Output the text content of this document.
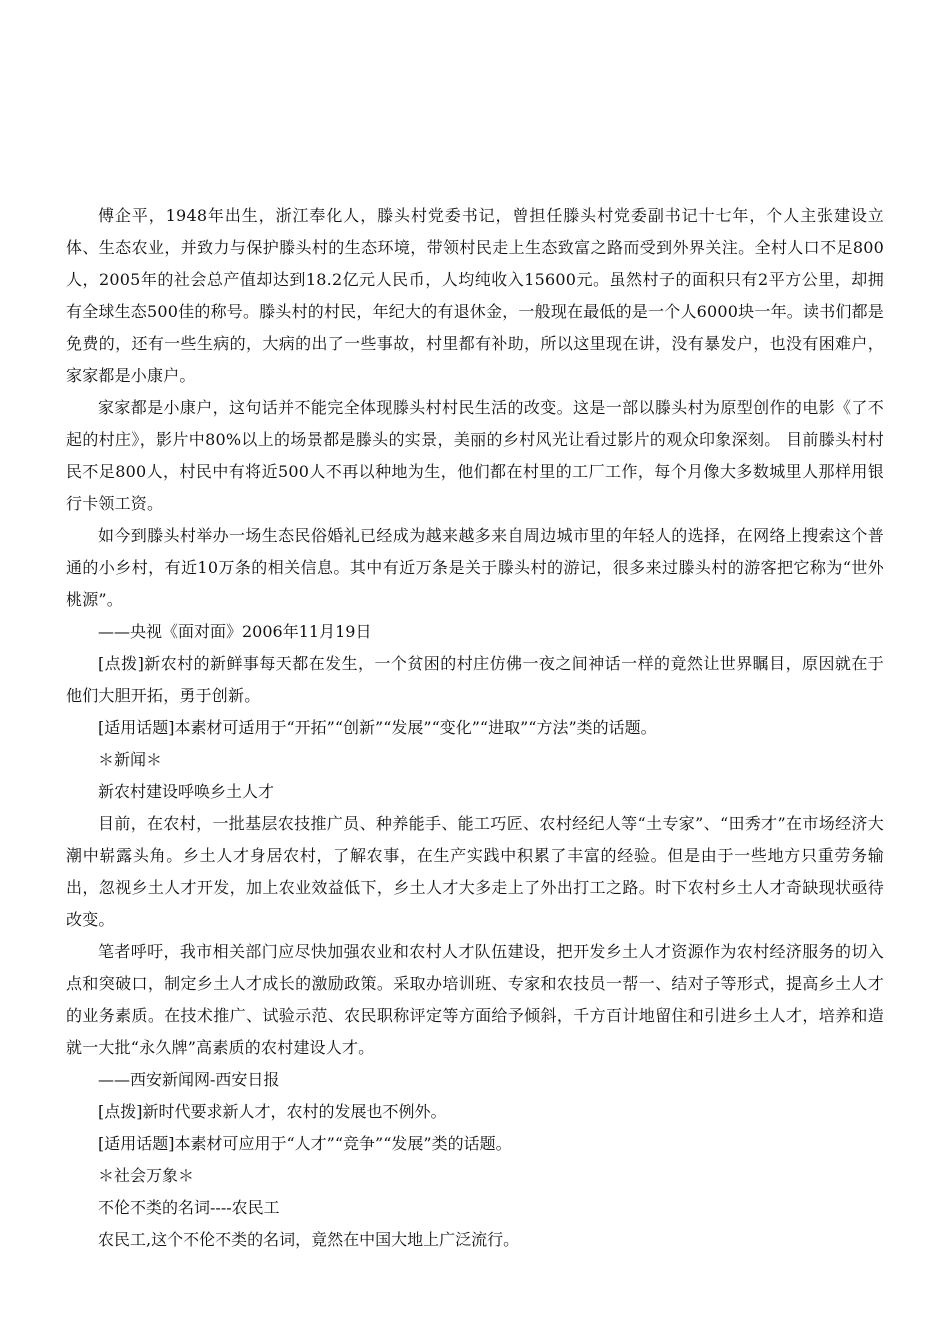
傅企平，1948年出生，浙江奉化人，滕头村党委书记，曾担任滕头村党委副书记十七年，个人主张建设立体、生态农业，并致力与保护滕头村的生态环境，带领村民走上生态致富之路而受到外界关注。全村人口不足800人，2005年的社会总产值却达到18.2亿元人民币，人均纯收入15600元。虽然村子的面积只有2平方公里，却拥有全球生态500佳的称号。滕头村的村民，年纪大的有退休金，一般现在最低的是一个人6000块一年。读书们都是免费的，还有一些生病的，大病的出了一些事故，村里都有补助，所以这里现在讲，没有暴发户，也没有困难户，家家都是小康户。

家家都是小康户，这句话并不能完全体现滕头村村民生活的改变。这是一部以滕头村为原型创作的电影《了不起的村庄》，影片中80%以上的场景都是滕头的实景，美丽的乡村风光让看过影片的观众印象深刻。 目前滕头村村民不足800人，村民中有将近500人不再以种地为生，他们都在村里的工厂工作，每个月像大多数城里人那样用银行卡领工资。

如今到滕头村举办一场生态民俗婚礼已经成为越来越多来自周边城市里的年轻人的选择，在网络上搜索这个普通的小乡村，有近10万条的相关信息。其中有近万条是关于滕头村的游记，很多来过滕头村的游客把它称为“世外桃源”。

——央视《面对面》2006年11月19日

[点拨]新农村的新鲜事每天都在发生，一个贫困的村庄仿佛一夜之间神话一样的竟然让世界瞩目，原因就在于他们大胆开拓，勇于创新。

[适用话题]本素材可适用于“开拓”“创新”“发展”“变化”“进取”“方法”类的话题。

＊新闻＊

新农村建设呼唤乡土人才

目前，在农村，一批基层农技推广员、种养能手、能工巧匠、农村经纪人等“土专家”、“田秀才”在市场经济大潮中崭露头角。乡土人才身居农村，了解农事，在生产实践中积累了丰富的经验。但是由于一些地方只重劳务输出，忽视乡土人才开发，加上农业效益低下，乡土人才大多走上了外出打工之路。时下农村乡土人才奇缺现状亟待改变。

笔者呼吁，我市相关部门应尽快加强农业和农村人才队伍建设，把开发乡土人才资源作为农村经济服务的切入点和突破口，制定乡土人才成长的激励政策。采取办培训班、专家和农技员一帮一、结对子等形式，提高乡土人才的业务素质。在技术推广、试验示范、农民职称评定等方面给予倾斜，千方百计地留住和引进乡土人才，培养和造就一大批“永久牌”高素质的农村建设人才。

——西安新闻网-西安日报

[点拨]新时代要求新人才，农村的发展也不例外。

[适用话题]本素材可应用于“人才”“竞争”“发展”类的话题。

＊社会万象＊

不伦不类的名词----农民工

农民工,这个不伦不类的名词，竟然在中国大地上广泛流行。
